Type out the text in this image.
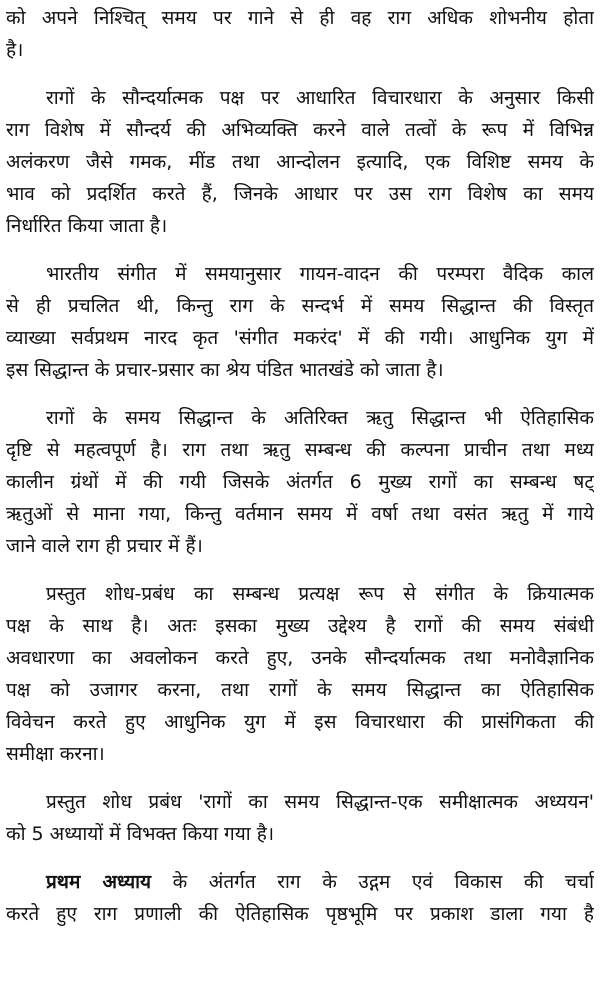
को अपने निश्चित् समय पर गाने से ही वह राग अधिक शोभनीय होता
है।
रागों के सौन्दर्यात्मक पक्ष पर आधारित विचारधारा के अनुसार किसी
राग विशेष में सौन्दर्य की अभिव्यक्ति करने वाले तत्वों के रूप में विभिन्न
अलंकरण जैसे गमक, मींड तथा आन्दोलन इत्यादि, एक विशिष्ट समय के
भाव को प्रदर्शित करते हैं, जिनके आधार पर उस राग विशेष का समय
निर्धारित किया जाता है।
भारतीय संगीत में समयानुसार गायन-वादन की परम्परा वैदिक काल
से ही प्रचलित थी, किन्तु राग के सन्दर्भ में समय सिद्धान्त की विस्तृत
व्याख्या सर्वप्रथम नारद कृत 'संगीत मकरंद' में की गयी। आधुनिक युग में
इस सिद्धान्त के प्रचार-प्रसार का श्रेय पंडित भातखंडे को जाता है।
रागों के समय सिद्धान्त के अतिरिक्त ऋतु सिद्धान्त भी ऐतिहासिक
दृष्टि से महत्वपूर्ण है। राग तथा ऋतु सम्बन्ध की कल्पना प्राचीन तथा मध्य
कालीन ग्रंथों में की गयी जिसके अंतर्गत 6 मुख्य रागों का सम्बन्ध षट्
ऋतुओं से माना गया, किन्तु वर्तमान समय में वर्षा तथा वसंत ऋतु में गाये
जाने वाले राग ही प्रचार में हैं।
प्रस्तुत शोध-प्रबंध का सम्बन्ध प्रत्यक्ष रूप से संगीत के क्रियात्मक
पक्ष के साथ है। अतः इसका मुख्य उद्देश्य है रागों की समय संबंधी
अवधारणा का अवलोकन करते हुए, उनके सौन्दर्यात्मक तथा मनोवैज्ञानिक
पक्ष को उजागर करना, तथा रागों के समय सिद्धान्त का ऐतिहासिक
विवेचन करते हुए आधुनिक युग में इस विचारधारा की प्रासंगिकता की
समीक्षा करना।
प्रस्तुत शोध प्रबंध 'रागों का समय सिद्धान्त-एक समीक्षात्मक अध्ययन'
को 5 अध्यायों में विभक्त किया गया है।
प्रथम अध्याय के अंतर्गत राग के उद्गम एवं विकास की चर्चा
करते हुए राग प्रणाली की ऐतिहासिक पृष्ठभूमि पर प्रकाश डाला गया है
